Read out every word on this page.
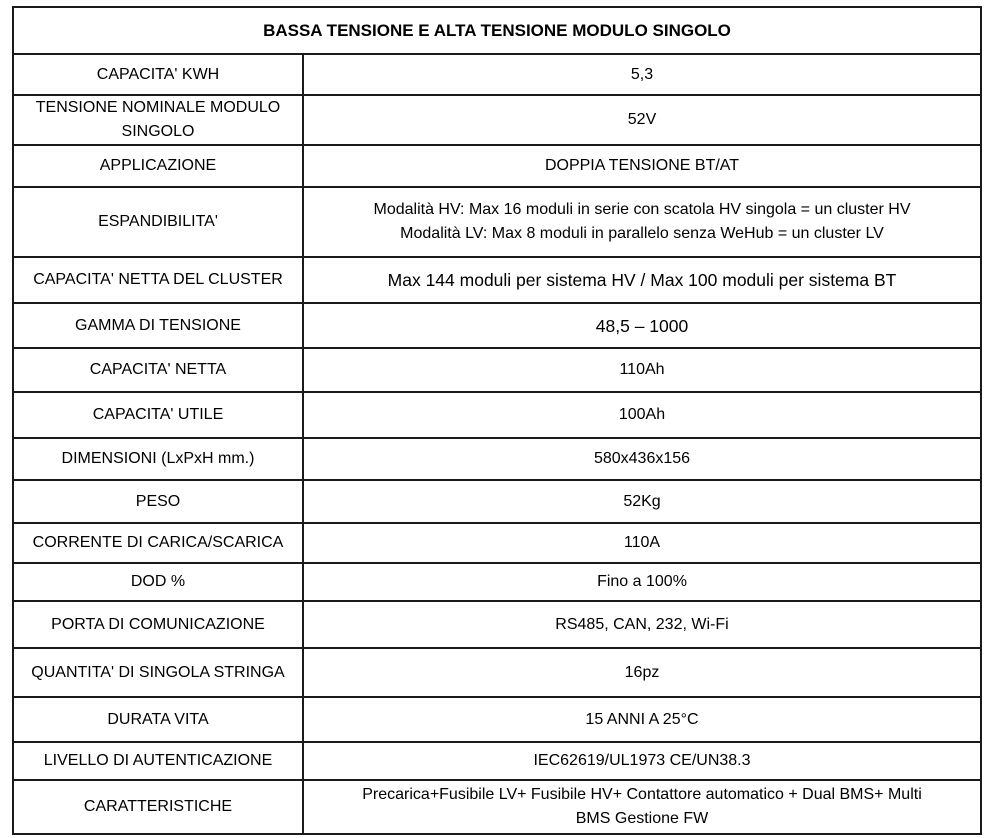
BASSA TENSIONE E ALTA TENSIONE MODULO SINGOLO	
CAPACITA' KWH	5,3
TENSIONE NOMINALE MODULO SINGOLO	52V
APPLICAZIONE	DOPPIA TENSIONE BT/AT
ESPANDIBILITA'	Modalità HV: Max 16 moduli in serie con scatola HV singola = un cluster HV
Modalità LV: Max 8 moduli in parallelo senza WeHub = un cluster LV

CAPACITA' NETTA DEL CLUSTER	Max 144 moduli per sistema HV / Max 100 moduli per sistema BT
GAMMA DI TENSIONE	48,5 – 1000
CAPACITA' NETTA	110Ah
CAPACITA' UTILE	100Ah
DIMENSIONI (LxPxH mm.)	580x436x156
PESO	52Kg
CORRENTE DI CARICA/SCARICA	110A
DOD %	Fino a 100%
PORTA DI COMUNICAZIONE	RS485, CAN, 232, Wi-Fi
QUANTITA' DI SINGOLA STRINGA	16pz
DURATA VITA	15 ANNI A 25°C
LIVELLO DI AUTENTICAZIONE	IEC62619/UL1973 CE/UN38.3
CARATTERISTICHE	Precarica+Fusibile LV+ Fusibile HV+ Contattore automatico + Dual BMS+ Multi
BMS Gestione FW
